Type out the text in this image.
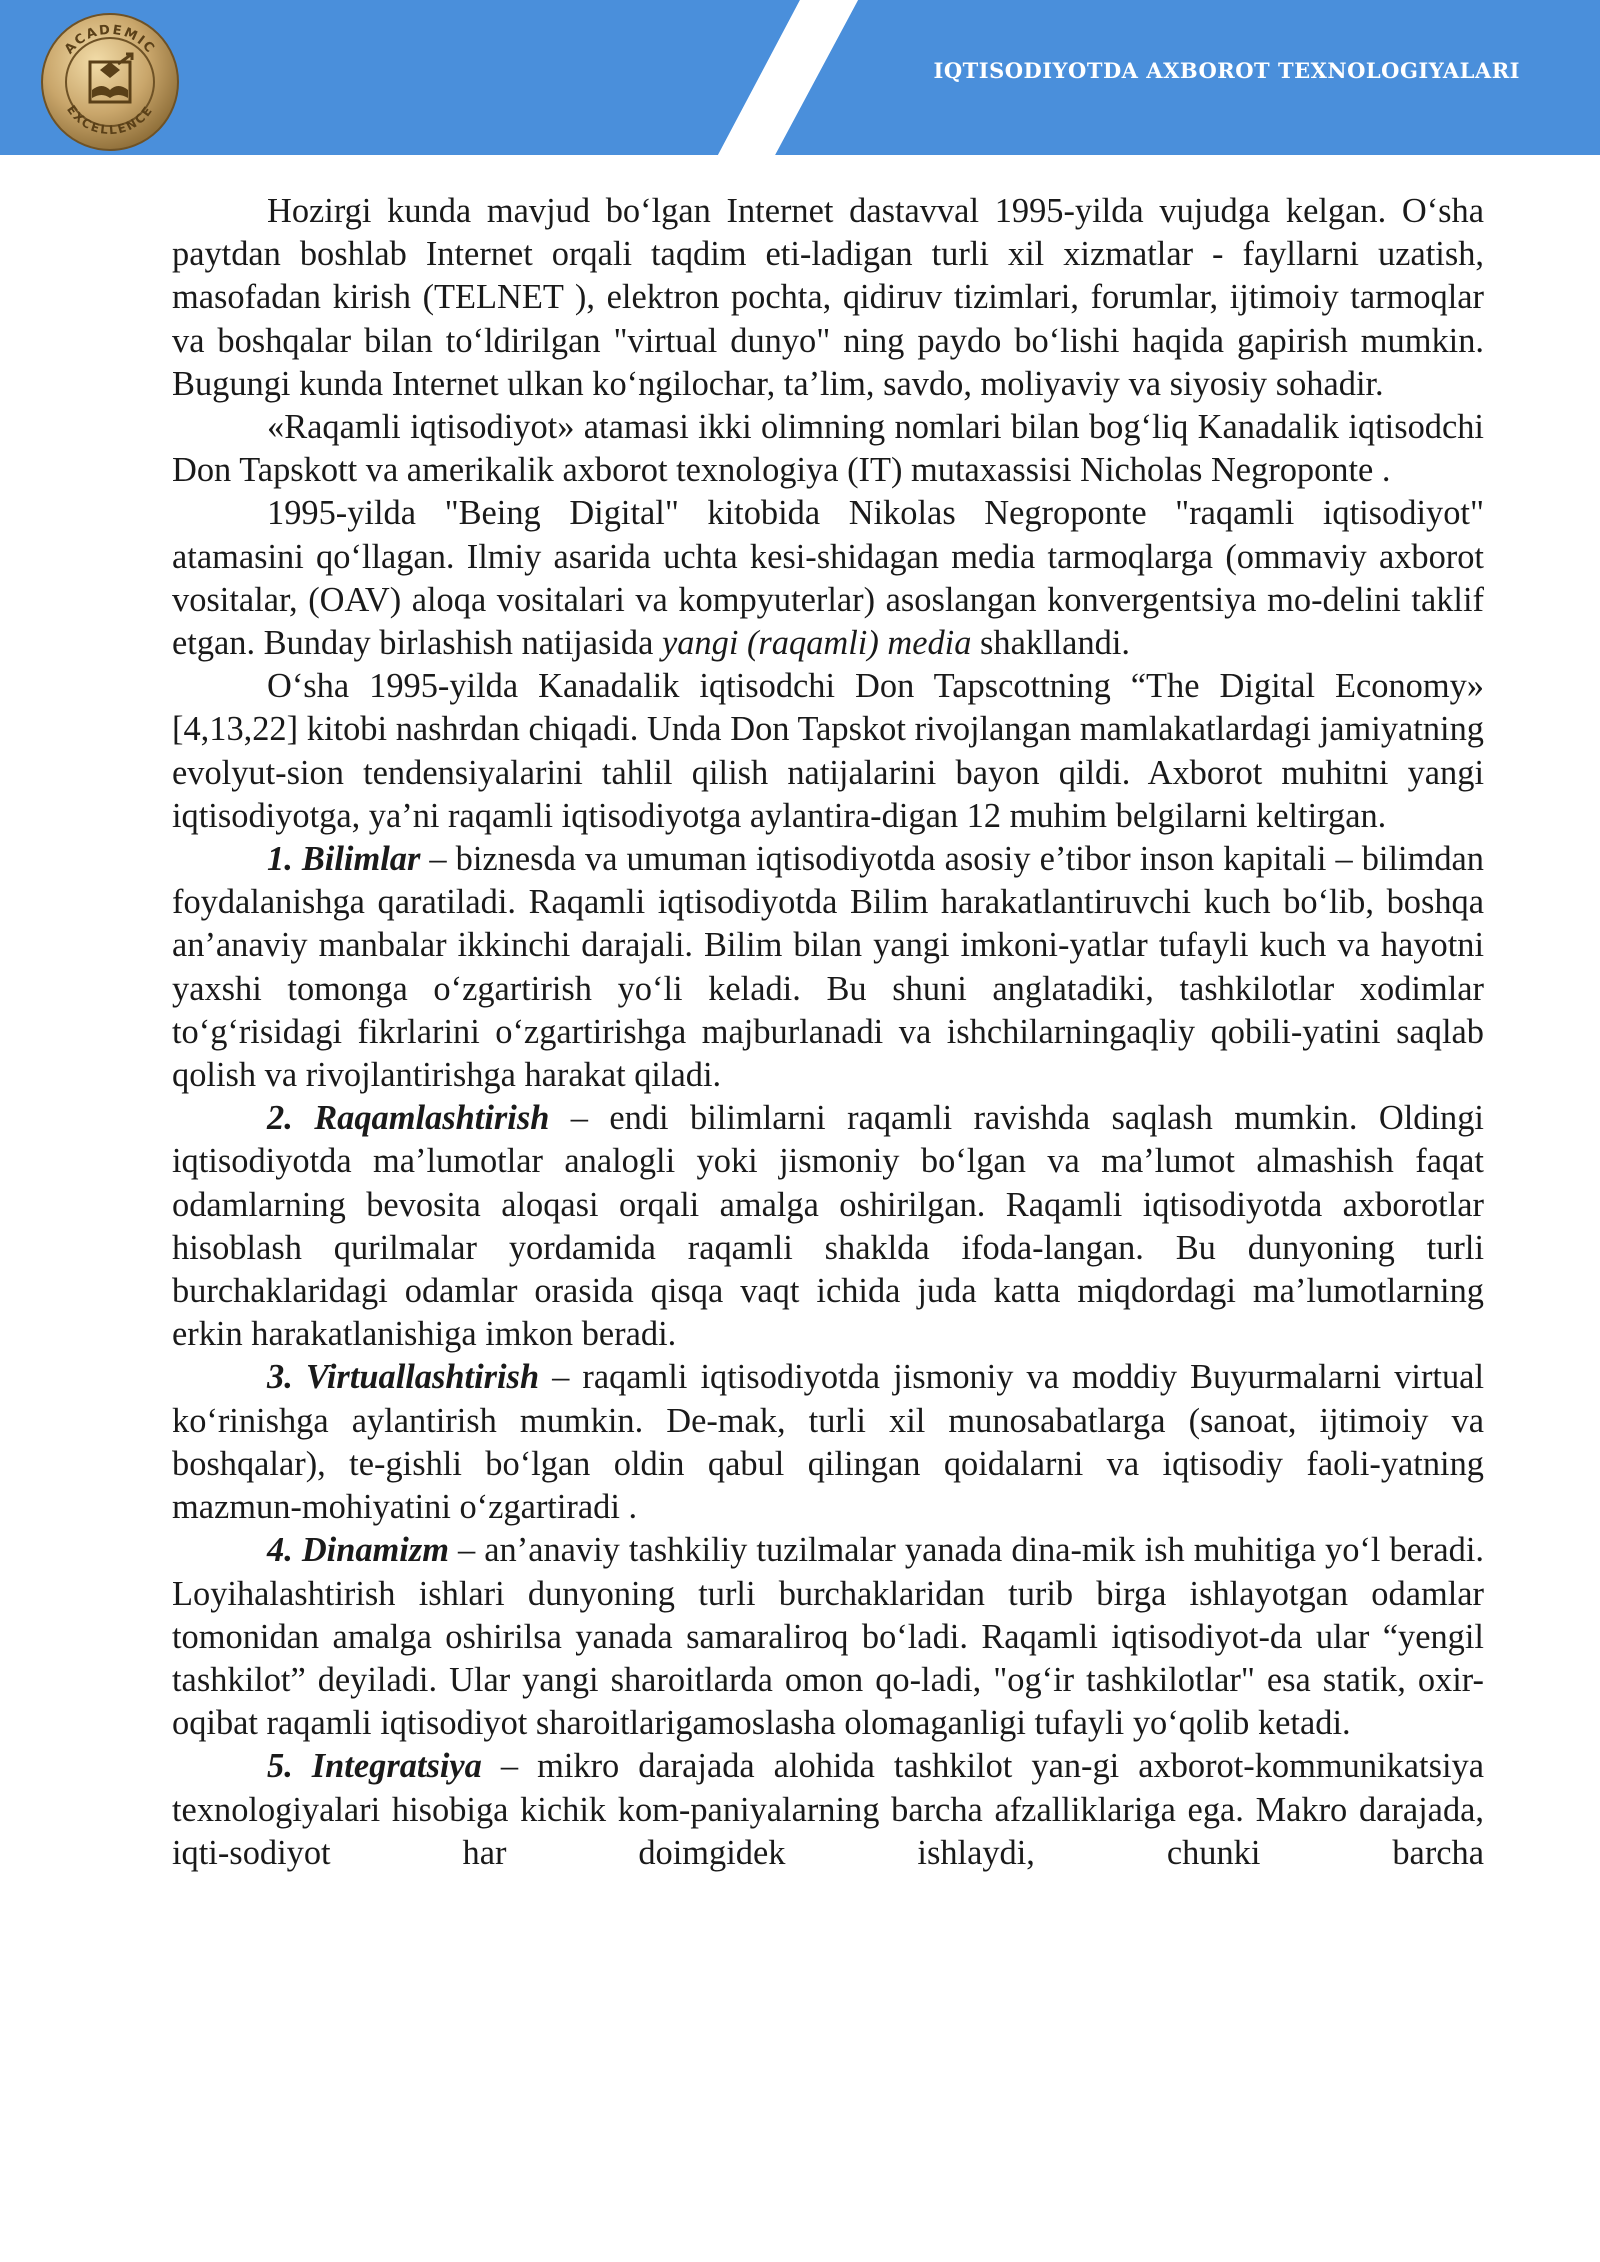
ACADEMIC
EXCELLENCE
IQTISODIYOTDA AXBOROT TEXNOLOGIYALARI

Hozirgi kunda mavjud bo‘lgan Internet dastavval 1995-yilda vujudga kelgan. O‘sha paytdan boshlab Internet orqali taqdim eti-ladigan turli xil xizmatlar - fayllarni uzatish, masofadan kirish (TELNET ), elektron pochta, qidiruv tizimlari, forumlar, ijtimoiy tarmoqlar va boshqalar bilan to‘ldirilgan "virtual dunyo" ning paydo bo‘lishi haqida gapirish mumkin. Bugungi kunda Internet ulkan ko‘ngilochar, ta’lim, savdo, moliyaviy va siyosiy sohadir.

«Raqamli iqtisodiyot» atamasi ikki olimning nomlari bilan bog‘liq Kanadalik iqtisodchi Don Tapskott va amerikalik axborot texnologiya (IT) mutaxassisi Nicholas Negroponte .

1995-yilda "Being Digital" kitobida Nikolas Negroponte "raqamli iqtisodiyot" atamasini qo‘llagan. Ilmiy asarida uchta kesi-shidagan media tarmoqlarga (ommaviy axborot vositalar, (OAV) aloqa vositalari va kompyuterlar) asoslangan konvergentsiya mo-delini taklif etgan. Bunday birlashish natijasida yangi (raqamli) media shakllandi.

O‘sha 1995-yilda Kanadalik iqtisodchi Don Tapscottning “The Digital Economy» [4,13,22] kitobi nashrdan chiqadi. Unda Don Tapskot rivojlangan mamlakatlardagi jamiyatning evolyut-sion tendensiyalarini tahlil qilish natijalarini bayon qildi. Axborot muhitni yangi iqtisodiyotga, ya’ni raqamli iqtisodiyotga aylantira-digan 12 muhim belgilarni keltirgan.

1. Bilimlar – biznesda va umuman iqtisodiyotda asosiy e’tibor inson kapitali – bilimdan foydalanishga qaratiladi. Raqamli iqtisodiyotda Bilim harakatlantiruvchi kuch bo‘lib, boshqa an’anaviy manbalar ikkinchi darajali. Bilim bilan yangi imkoni-yatlar tufayli kuch va hayotni yaxshi tomonga o‘zgartirish yo‘li keladi. Bu shuni anglatadiki, tashkilotlar xodimlar to‘g‘risidagi fikrlarini o‘zgartirishga majburlanadi va ishchilarningaqliy qobili-yatini saqlab qolish va rivojlantirishga harakat qiladi.

2. Raqamlashtirish – endi bilimlarni raqamli ravishda saqlash mumkin. Oldingi iqtisodiyotda ma’lumotlar analogli yoki jismoniy bo‘lgan va ma’lumot almashish faqat odamlarning bevosita aloqasi orqali amalga oshirilgan. Raqamli iqtisodiyotda axborotlar hisoblash qurilmalar yordamida raqamli shaklda ifoda-langan. Bu dunyoning turli burchaklaridagi odamlar orasida qisqa vaqt ichida juda katta miqdordagi ma’lumotlarning erkin harakatlanishiga imkon beradi.

3. Virtuallashtirish – raqamli iqtisodiyotda jismoniy va moddiy Buyurmalarni virtual ko‘rinishga aylantirish mumkin. De-mak, turli xil munosabatlarga (sanoat, ijtimoiy va boshqalar), te-gishli bo‘lgan oldin qabul qilingan qoidalarni va iqtisodiy faoli-yatning mazmun-mohiyatini o‘zgartiradi .

4. Dinamizm – an’anaviy tashkiliy tuzilmalar yanada dina-mik ish muhitiga yo‘l beradi. Loyihalashtirish ishlari dunyoning turli burchaklaridan turib birga ishlayotgan odamlar tomonidan amalga oshirilsa yanada samaraliroq bo‘ladi. Raqamli iqtisodiyot-da ular “yengil tashkilot” deyiladi. Ular yangi sharoitlarda omon qo-ladi, "og‘ir tashkilotlar" esa statik, oxir-oqibat raqamli iqtisodiyot sharoitlarigamoslasha olomaganligi tufayli yo‘qolib ketadi.

5. Integratsiya – mikro darajada alohida tashkilot yan-gi axborot-kommunikatsiya texnologiyalari hisobiga kichik kom-paniyalarning barcha afzalliklariga ega. Makro darajada, iqti-sodiyot har doimgidek ishlaydi, chunki barcha
